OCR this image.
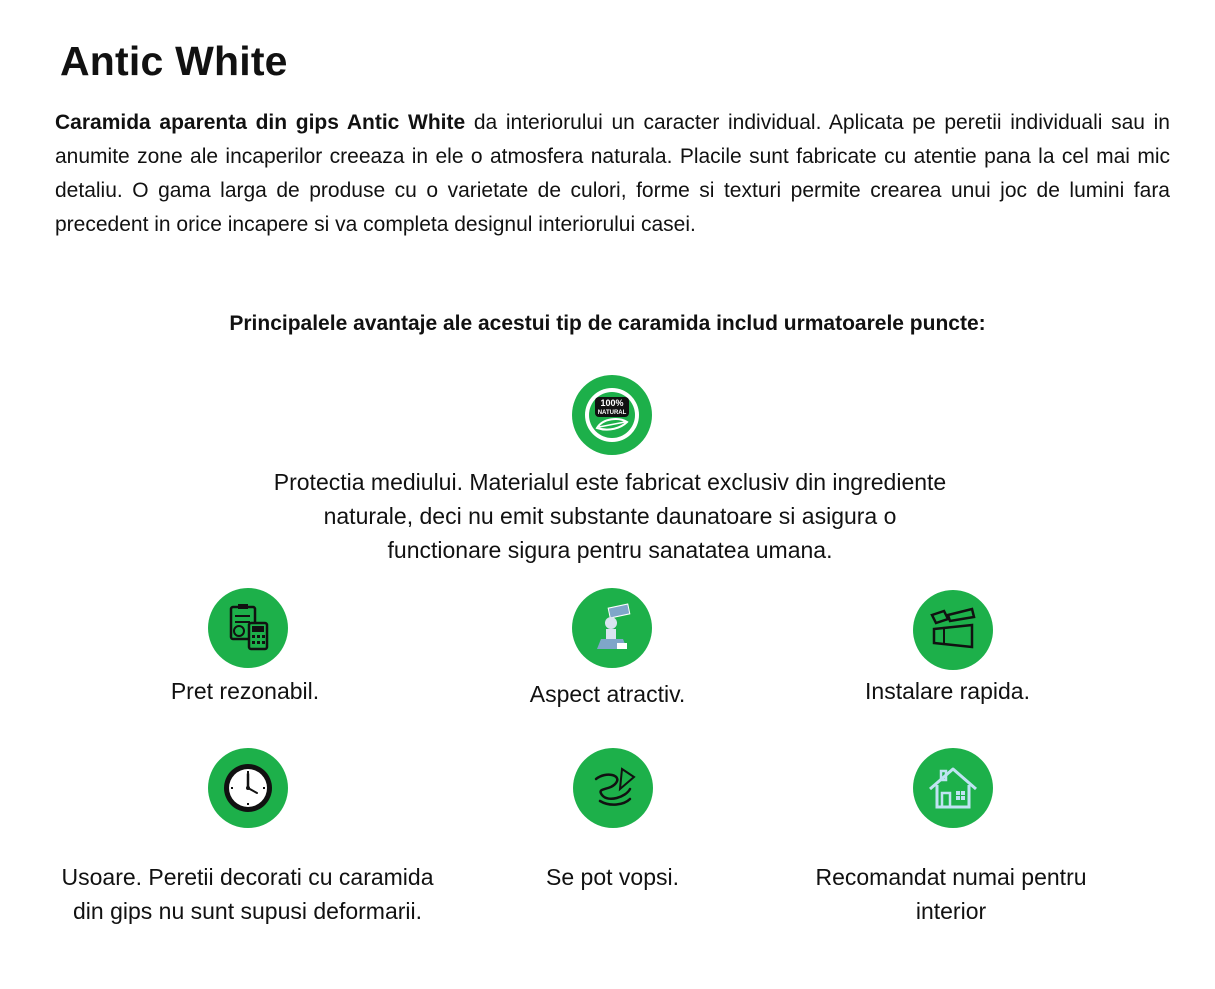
Antic White

Caramida aparenta din gips Antic White da interiorului un caracter individual. Aplicata pe peretii individuali sau in anumite zone ale incaperilor creeaza in ele o atmosfera naturala. Placile sunt fabricate cu atentie pana la cel mai mic detaliu. O gama larga de produse cu o varietate de culori, forme si texturi permite crearea unui joc de lumini fara precedent in orice incapere si va completa designul interiorului casei.

Principalele avantaje ale acestui tip de caramida includ urmatoarele puncte:

100%
NATURAL

Protectia mediului. Materialul este fabricat exclusiv din ingrediente naturale, deci nu emit substante daunatoare si asigura o functionare sigura pentru sanatatea umana.

Pret rezonabil.	Aspect atractiv.	Instalare rapida.

Usoare. Peretii decorati cu caramida din gips nu sunt supusi deformarii.

Se pot vopsi.	Recomandat numai pentru interior
